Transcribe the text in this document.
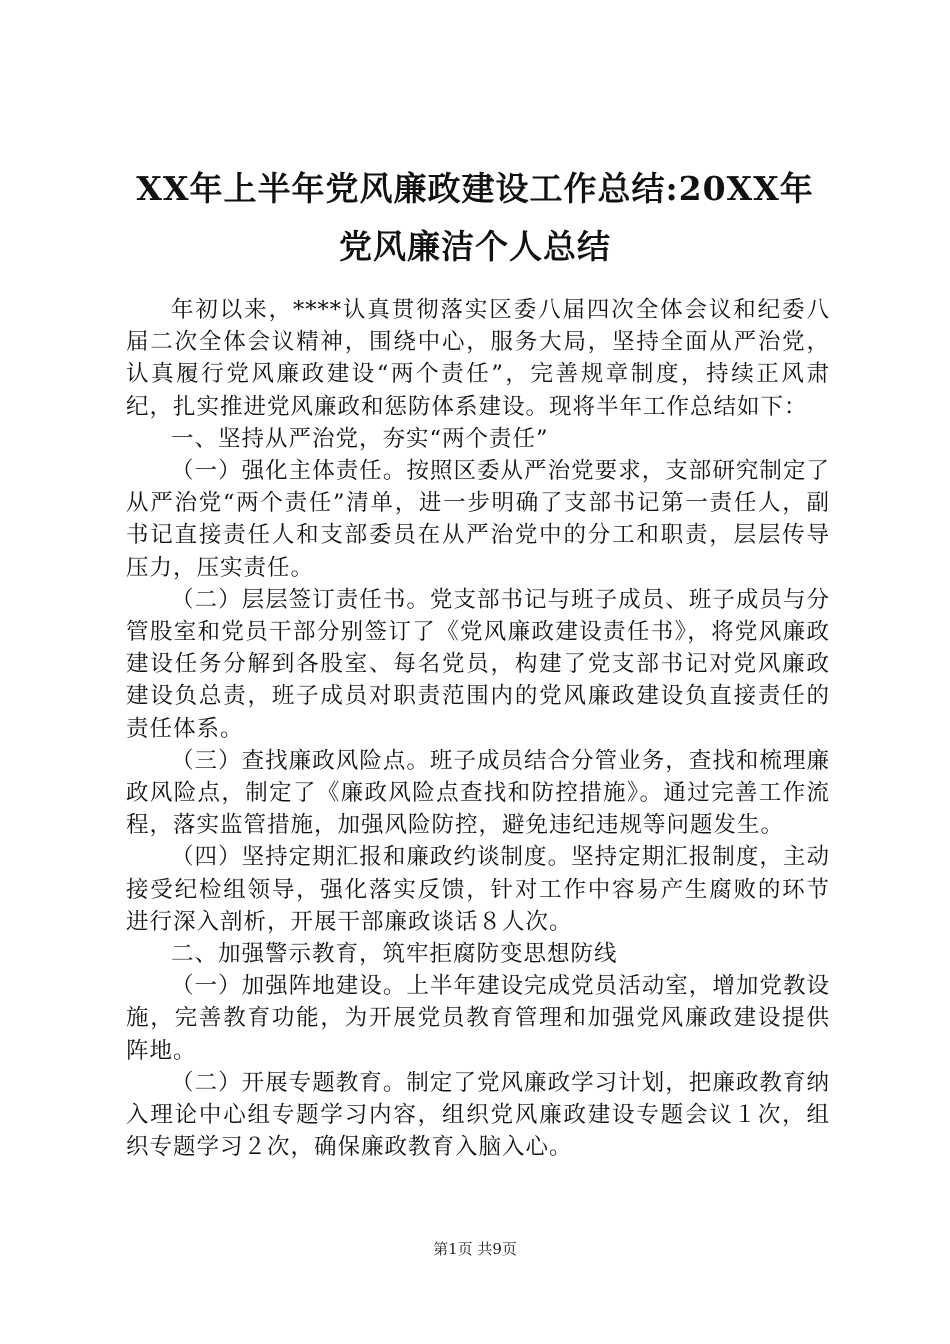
XX年上半年党风廉政建设工作总结:20XX年党风廉洁个人总结

年初以来，****认真贯彻落实区委八届四次全体会议和纪委八届二次全体会议精神，围绕中心，服务大局，坚持全面从严治党，认真履行党风廉政建设“两个责任”，完善规章制度，持续正风肃纪，扎实推进党风廉政和惩防体系建设。现将半年工作总结如下：

一、坚持从严治党，夯实“两个责任”

（一）强化主体责任。按照区委从严治党要求，支部研究制定了从严治党“两个责任”清单，进一步明确了支部书记第一责任人，副书记直接责任人和支部委员在从严治党中的分工和职责，层层传导压力，压实责任。

（二）层层签订责任书。党支部书记与班子成员、班子成员与分管股室和党员干部分别签订了《党风廉政建设责任书》，将党风廉政建设任务分解到各股室、每名党员，构建了党支部书记对党风廉政建设负总责，班子成员对职责范围内的党风廉政建设负直接责任的责任体系。

（三）查找廉政风险点。班子成员结合分管业务，查找和梳理廉政风险点，制定了《廉政风险点查找和防控措施》。通过完善工作流程，落实监管措施，加强风险防控，避免违纪违规等问题发生。

（四）坚持定期汇报和廉政约谈制度。坚持定期汇报制度，主动接受纪检组领导，强化落实反馈，针对工作中容易产生腐败的环节进行深入剖析，开展干部廉政谈话８人次。

二、加强警示教育，筑牢拒腐防变思想防线

（一）加强阵地建设。上半年建设完成党员活动室，增加党教设施，完善教育功能，为开展党员教育管理和加强党风廉政建设提供阵地。

（二）开展专题教育。制定了党风廉政学习计划，把廉政教育纳入理论中心组专题学习内容，组织党风廉政建设专题会议１次，组织专题学习２次，确保廉政教育入脑入心。

第1页 共9页
